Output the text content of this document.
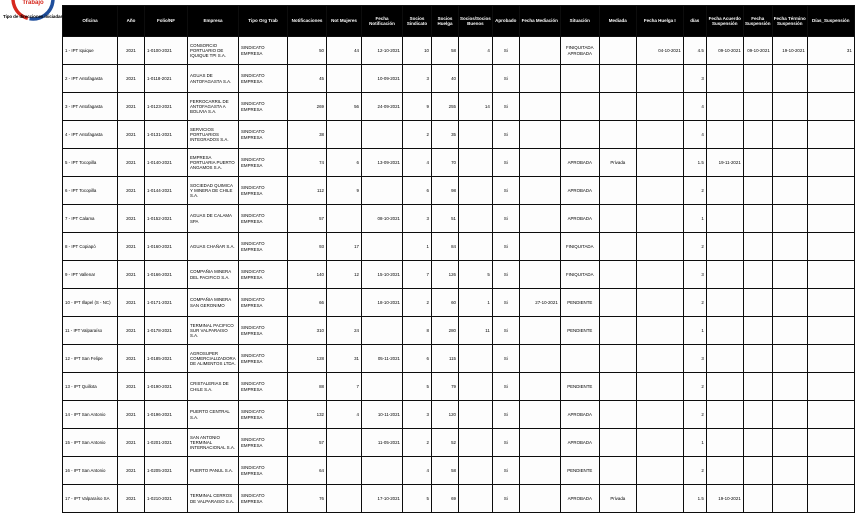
Trabajo
Tipo de direcciones iniciadas
Oficina	Año	Folio/NF	Empresa	Tipo Org Trab	Notificaciones	Not Mujeres	Fecha Notificación	Socios Sindicato	Socios Huelga	Socios/Socios Buenos	Aprobado	Fecha Mediación	Situación	Mediada	Fecha Huelga I	días	Fecha Acuerdo Suspensión	Fecha Suspensión	Fecha Término Suspensión	Días_Suspensión
1 - IPT Iquique	2021	1-0100-2021	CONSORCIO PORTUARIO DE IQUIQUE TPI S.A.	SINDICATO EMPRESA	50	44	12-10-2021	10	58	4	Si		FINIQUITADA APROBADA		04-10-2021	4.5	09-10-2021	09-10-2021	19-10-2021	31
2 - IPT Antofagasta	2021	1-0118-2021	AGUAS DE ANTOFAGASTA S.A.	SINDICATO EMPRESA	45		10-09-2021	3	40		Si					3				
3 - IPT Antofagasta	2021	1-0123-2021	FERROCARRIL DE ANTOFAGASTA A BOLIVIA S.A.	SINDICATO EMPRESA	269	56	24-09-2021	9	255	14	Si					4				
4 - IPT Antofagasta	2021	1-0131-2021	SERVICIOS PORTUARIOS INTEGRADOS S.A.	SINDICATO EMPRESA	38			2	35		Si					4				
5 - IPT Tocopilla	2021	1-0140-2021	EMPRESA PORTUARIA PUERTO ANGAMOS S.A.	SINDICATO EMPRESA	74	6	13-09-2021	4	70		Si		APROBADA	Privada		1.5	19-11-2021			
6 - IPT Tocopilla	2021	1-0144-2021	SOCIEDAD QUIMICA Y MINERA DE CHILE S.A.	SINDICATO EMPRESA	112	9		6	98		Si		APROBADA			2				
7 - IPT Calama	2021	1-0152-2021	AGUAS DE CALAMA SPA	SINDICATO EMPRESA	57		08-10-2021	3	51		Si		APROBADA			1				
8 - IPT Copiapó	2021	1-0160-2021	AGUAS CHAÑAR S.A.	SINDICATO EMPRESA	93	17		1	84		Si		FINIQUITADA			2				
9 - IPT Vallenar	2021	1-0166-2021	COMPAÑIA MINERA DEL PACIFICO S.A.	SINDICATO EMPRESA	140	12	15-10-2021	7	126	5	Si		FINIQUITADA			3				
10 - IPT Illapel (S - NC)	2021	1-0171-2021	COMPAÑIA MINERA SAN GERONIMO	SINDICATO EMPRESA	66		18-10-2021	2	60	1	Si	27-10-2021	PENDIENTE			2				
11 - IPT Valparaíso	2021	1-0178-2021	TERMINAL PACIFICO SUR VALPARAISO S.A.	SINDICATO EMPRESA	310	24		8	280	11	Si		PENDIENTE			1				
12 - IPT San Felipe	2021	1-0185-2021	AGROSUPER COMERCIALIZADORA DE ALIMENTOS LTDA.	SINDICATO EMPRESA	128	31	05-11-2021	6	115		Si					3				
13 - IPT Quillota	2021	1-0190-2021	CRISTALERIAS DE CHILE S.A.	SINDICATO EMPRESA	88	7		5	79		Si		PENDIENTE			2				
14 - IPT San Antonio	2021	1-0196-2021	PUERTO CENTRAL S.A.	SINDICATO EMPRESA	132	4	10-11-2021	3	120		Si		APROBADA			2				
15 - IPT San Antonio	2021	1-0201-2021	SAN ANTONIO TERMINAL INTERNACIONAL S.A.	SINDICATO EMPRESA	57		11-05-2021	2	52		Si		APROBADA			1				
16 - IPT San Antonio	2021	1-0205-2021	PUERTO PANUL S.A.	SINDICATO EMPRESA	64			4	58		Si		PENDIENTE			2				
17 - IPT Valparaíso SA	2021	1-0210-2021	TERMINAL CERROS DE VALPARAISO S.A.	SINDICATO EMPRESA	76		17-10-2021	5	69		Si		APROBADA	Privada		1.5	19-10-2021			
